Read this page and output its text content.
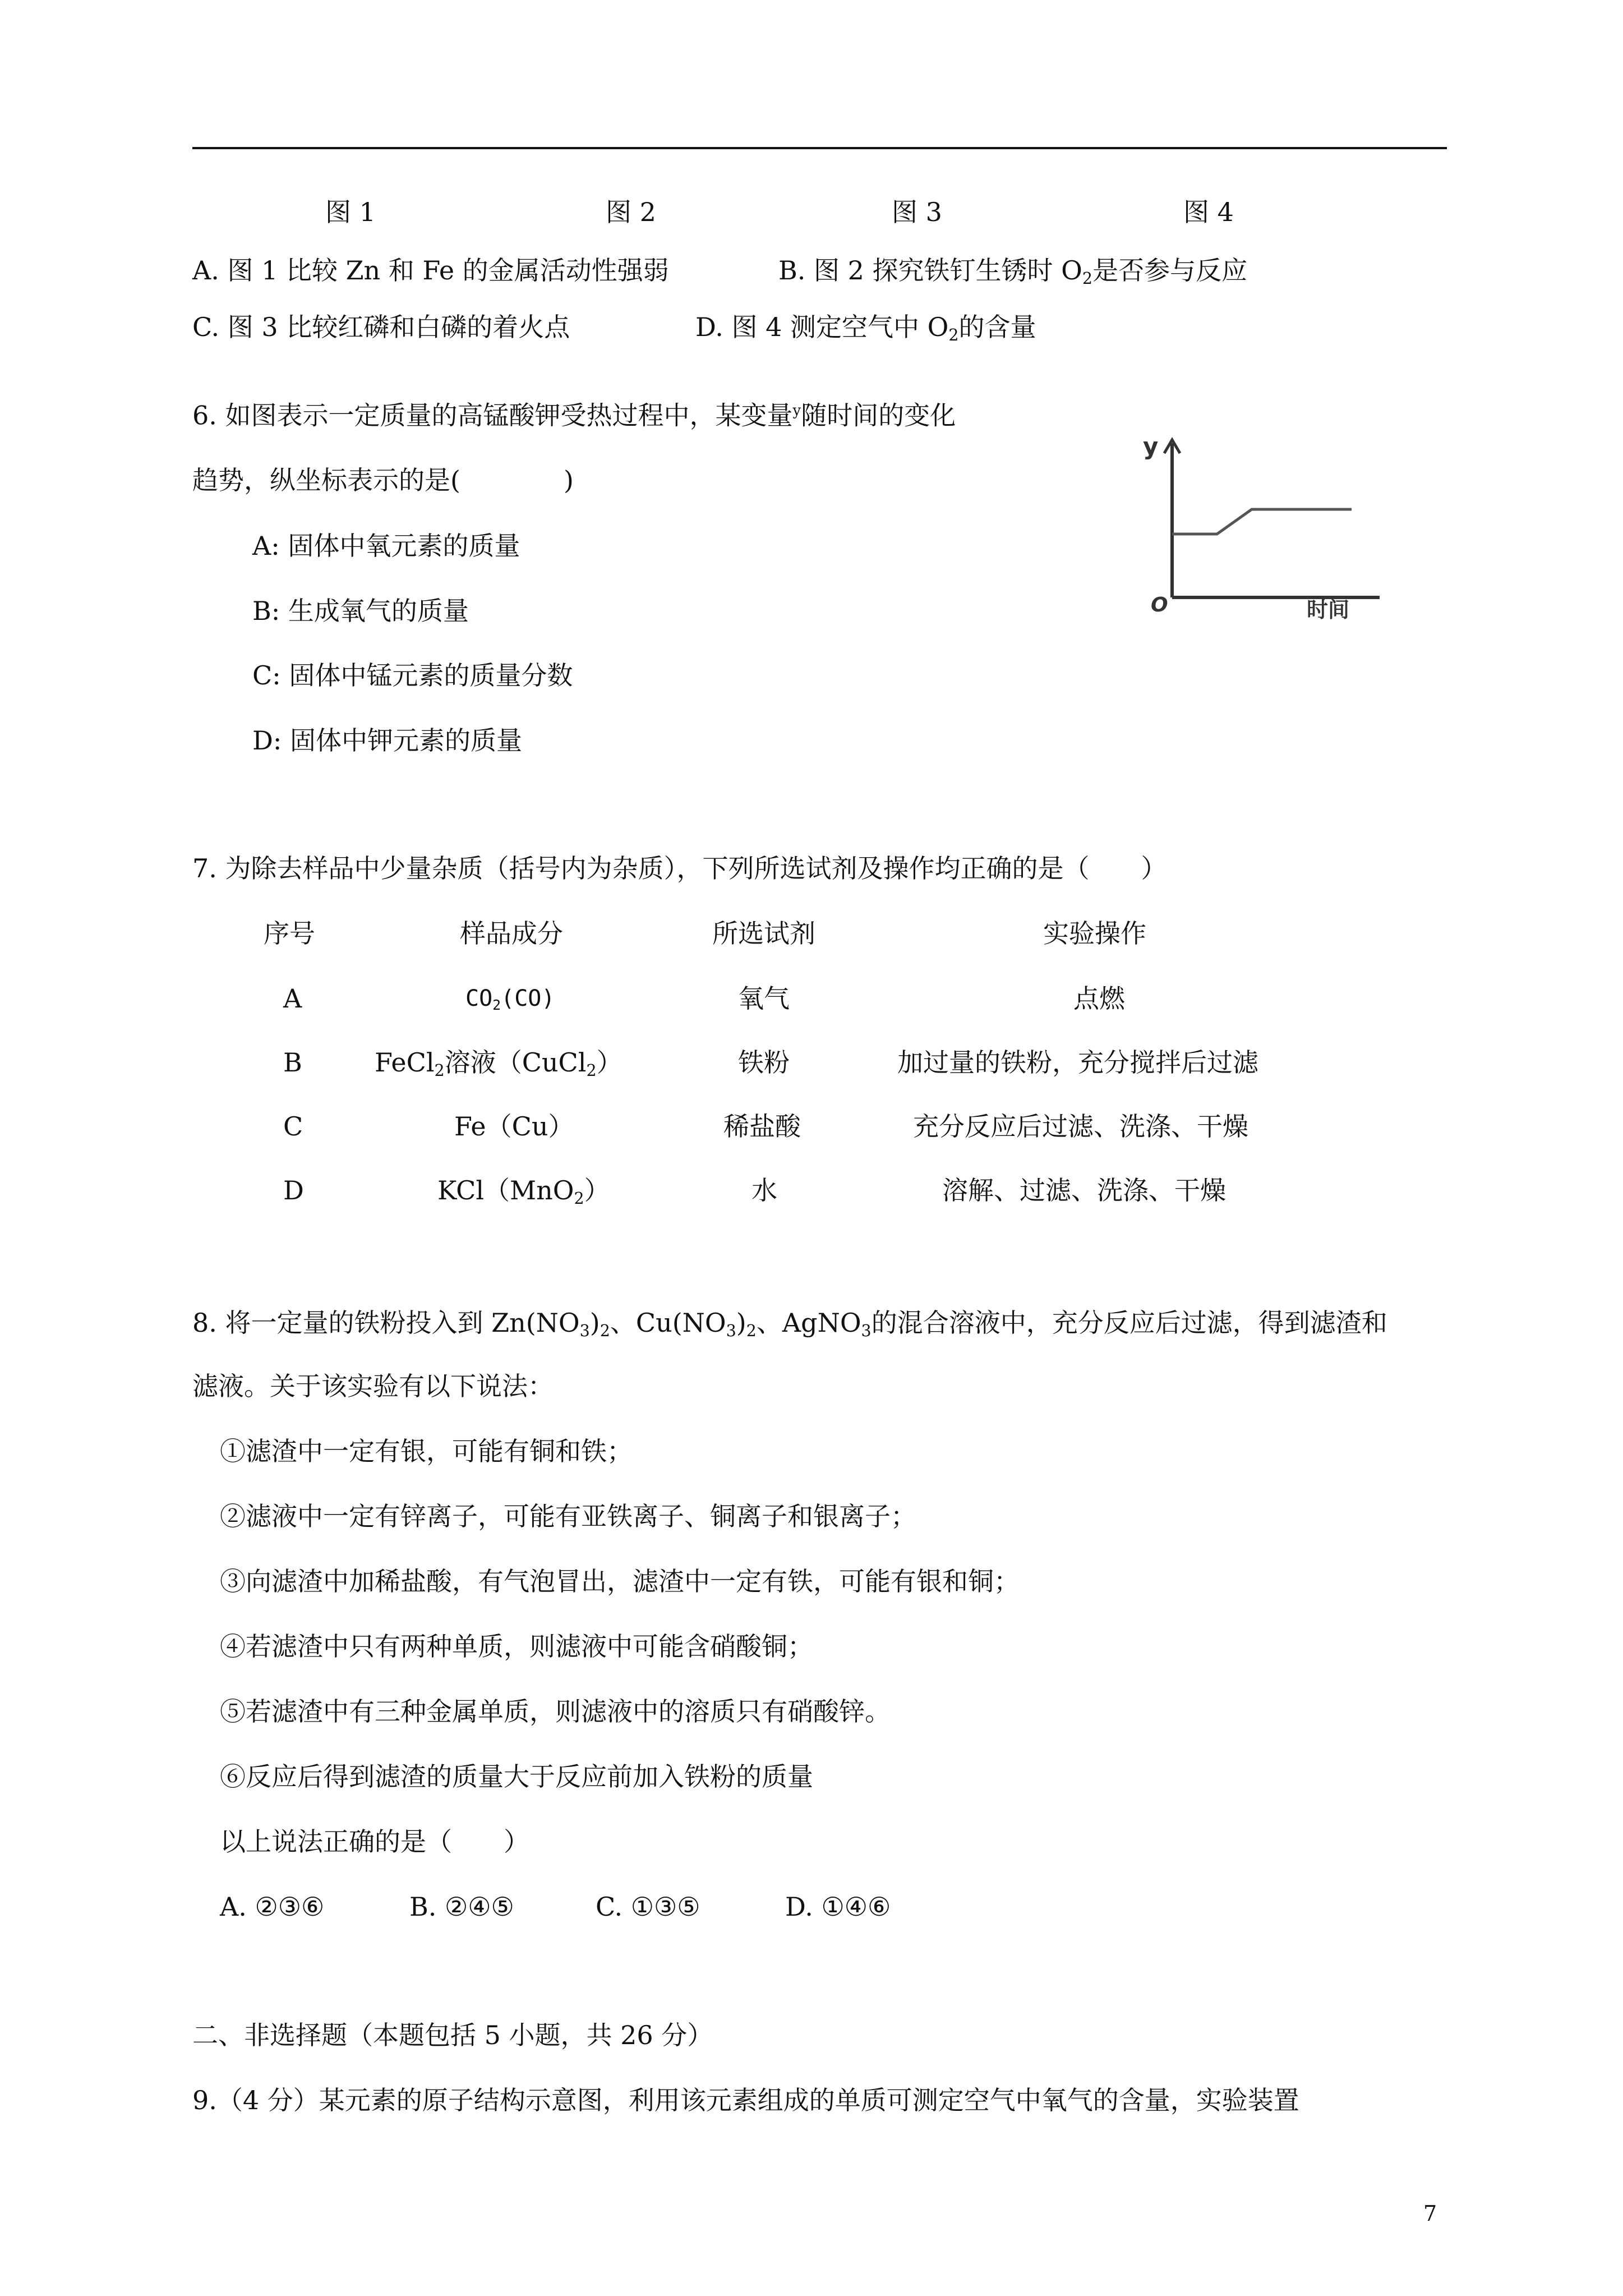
图 1	图 2	图 3	图 4
A. 图 1 比较 Zn 和 Fe 的金属活动性强弱	B. 图 2 探究铁钉生锈时 $O_2$是否参与反应
C. 图 3 比较红磷和白磷的着火点	D. 图 4 测定空气中 $O_2$的含量
6. 如图表示一定质量的高锰酸钾受热过程中，某变量$^y$随时间的变化
趋势，纵坐标表示的是(　　　　)
A: 固体中氧元素的质量
B: 生成氧气的质量
C: 固体中锰元素的质量分数
D: 固体中钾元素的质量
y
O	时间
7. 为除去样品中少量杂质（括号内为杂质），下列所选试剂及操作均正确的是（　　）
序号	样品成分	所选试剂	实验操作
A	$CO_2(CO)$	氧气	点燃
B	FeCl$_2$溶液（CuCl$_2$）	铁粉	加过量的铁粉，充分搅拌后过滤
C	Fe（Cu）	稀盐酸	充分反应后过滤、洗涤、干燥
D	KCl（MnO$_2$）	水	溶解、过滤、洗涤、干燥
8. 将一定量的铁粉投入到 $Zn(NO_3)_2$、$Cu(NO_3)_2$、AgNO$_3$的混合溶液中，充分反应后过滤，得到滤渣和
滤液。关于该实验有以下说法：
①滤渣中一定有银，可能有铜和铁；
②滤液中一定有锌离子，可能有亚铁离子、铜离子和银离子；
③向滤渣中加稀盐酸，有气泡冒出，滤渣中一定有铁，可能有银和铜；
④若滤渣中只有两种单质，则滤液中可能含硝酸铜；
⑤若滤渣中有三种金属单质，则滤液中的溶质只有硝酸锌。
⑥反应后得到滤渣的质量大于反应前加入铁粉的质量
以上说法正确的是（　　）
A. ②③⑥	B. ②④⑤	C. ①③⑤	D. ①④⑥
二、非选择题（本题包括 5 小题，共 26 分）
9.（4 分）某元素的原子结构示意图，利用该元素组成的单质可测定空气中氧气的含量，实验装置
7
